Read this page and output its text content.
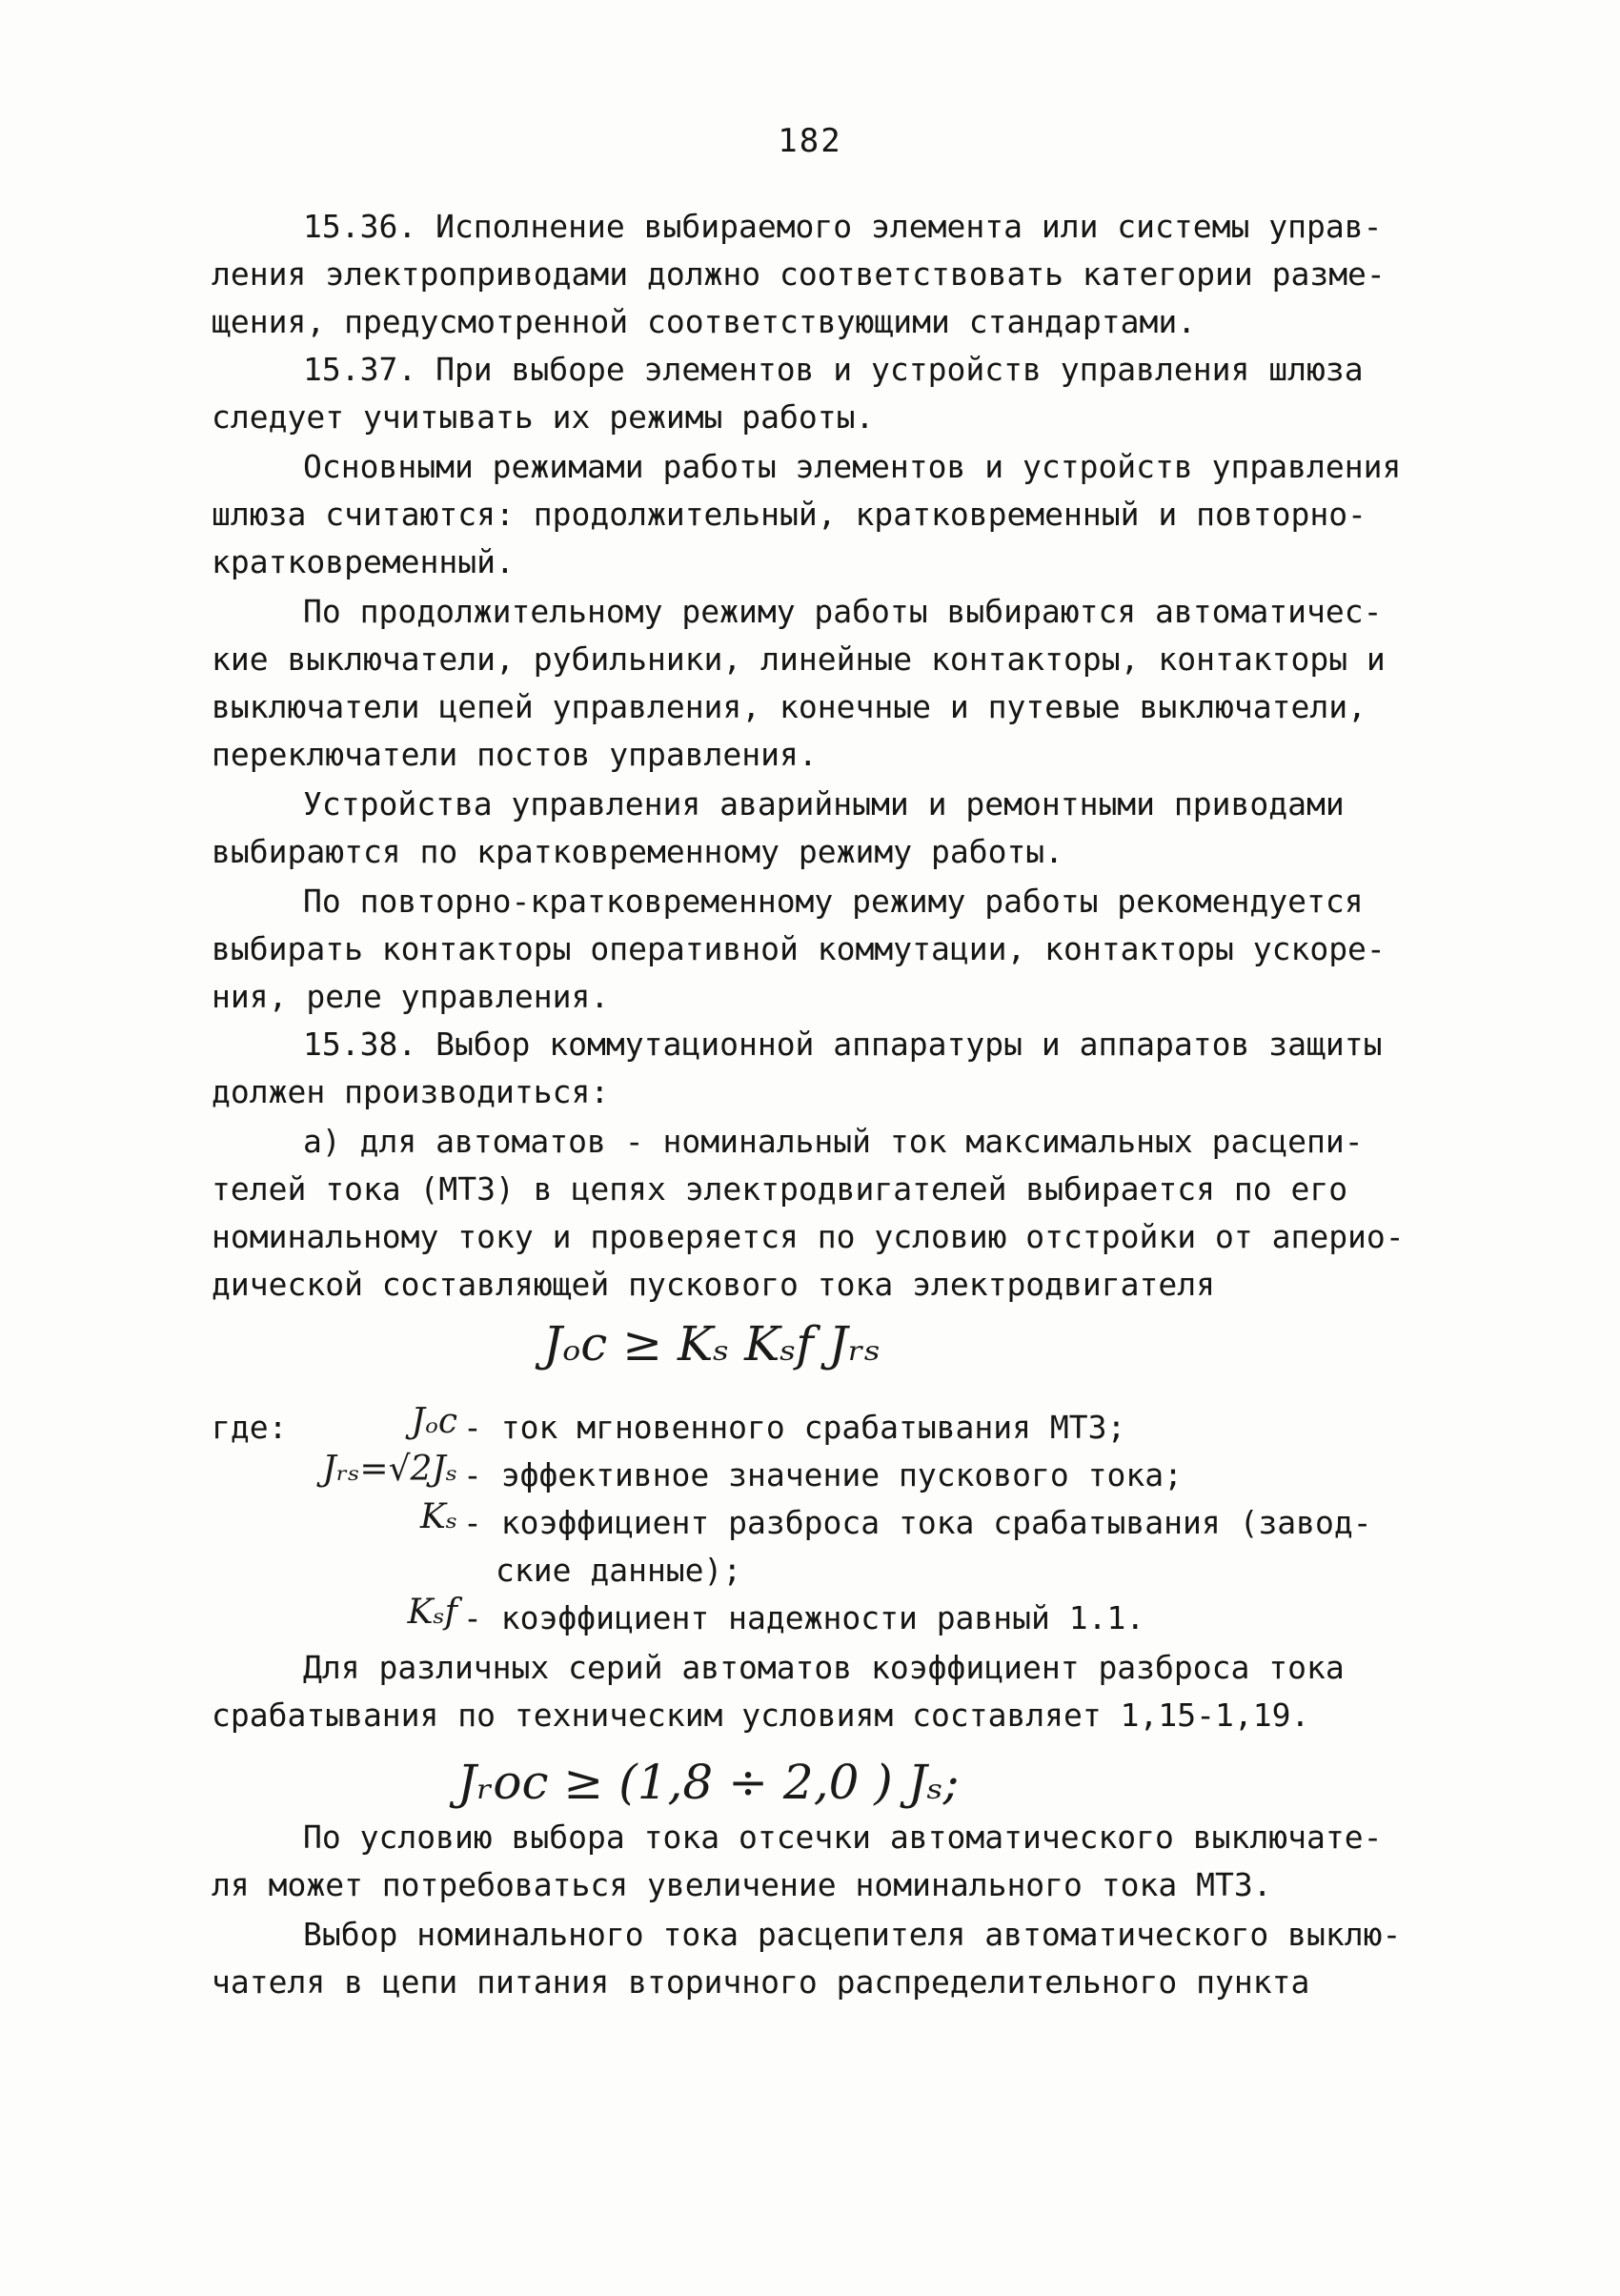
182
15.36. Исполнение выбираемого элемента или системы управ-
ления электроприводами должно соответствовать категории разме-
щения, предусмотренной соответствующими стандартами.
15.37. При выборе элементов и устройств управления шлюза
следует учитывать их режимы работы.
Основными режимами работы элементов и устройств управления
шлюза считаются: продолжительный, кратковременный и повторно-
кратковременный.
По продолжительному режиму работы выбираются автоматичес-
кие выключатели, рубильники, линейные контакторы, контакторы и
выключатели цепей управления, конечные и путевые выключатели,
переключатели постов управления.
Устройства управления аварийными и ремонтными приводами
выбираются по кратковременному режиму работы.
По повторно-кратковременному режиму работы рекомендуется
выбирать контакторы оперативной коммутации, контакторы ускоре-
ния, реле управления.
15.38. Выбор коммутационной аппаратуры и аппаратов защиты
должен производиться:
а) для автоматов - номинальный ток максимальных расцепи-
телей тока (МТЗ) в цепях электродвигателей выбирается по его
номинальному току и проверяется по условию отстройки от аперио-
дической составляющей пускового тока электродвигателя
Jₒc ≥ Kₛ Kₛf Jᵣₛ
где:	Jₒc - ток мгновенного срабатывания МТЗ;
Jᵣₛ=√2Jₛ - эффективное значение пускового тока;
Kₛ - коэффициент разброса тока срабатывания (завод-
ские данные);
Kₛf - коэффициент надежности равный 1.1.
Для различных серий автоматов коэффициент разброса тока
срабатывания по техническим условиям составляет 1,15-1,19.
Jᵣoc ≥ (1,8 ÷ 2,0 ) Jₛ;
По условию выбора тока отсечки автоматического выключате-
ля может потребоваться увеличение номинального тока МТЗ.
Выбор номинального тока расцепителя автоматического выклю-
чателя в цепи питания вторичного распределительного пункта
